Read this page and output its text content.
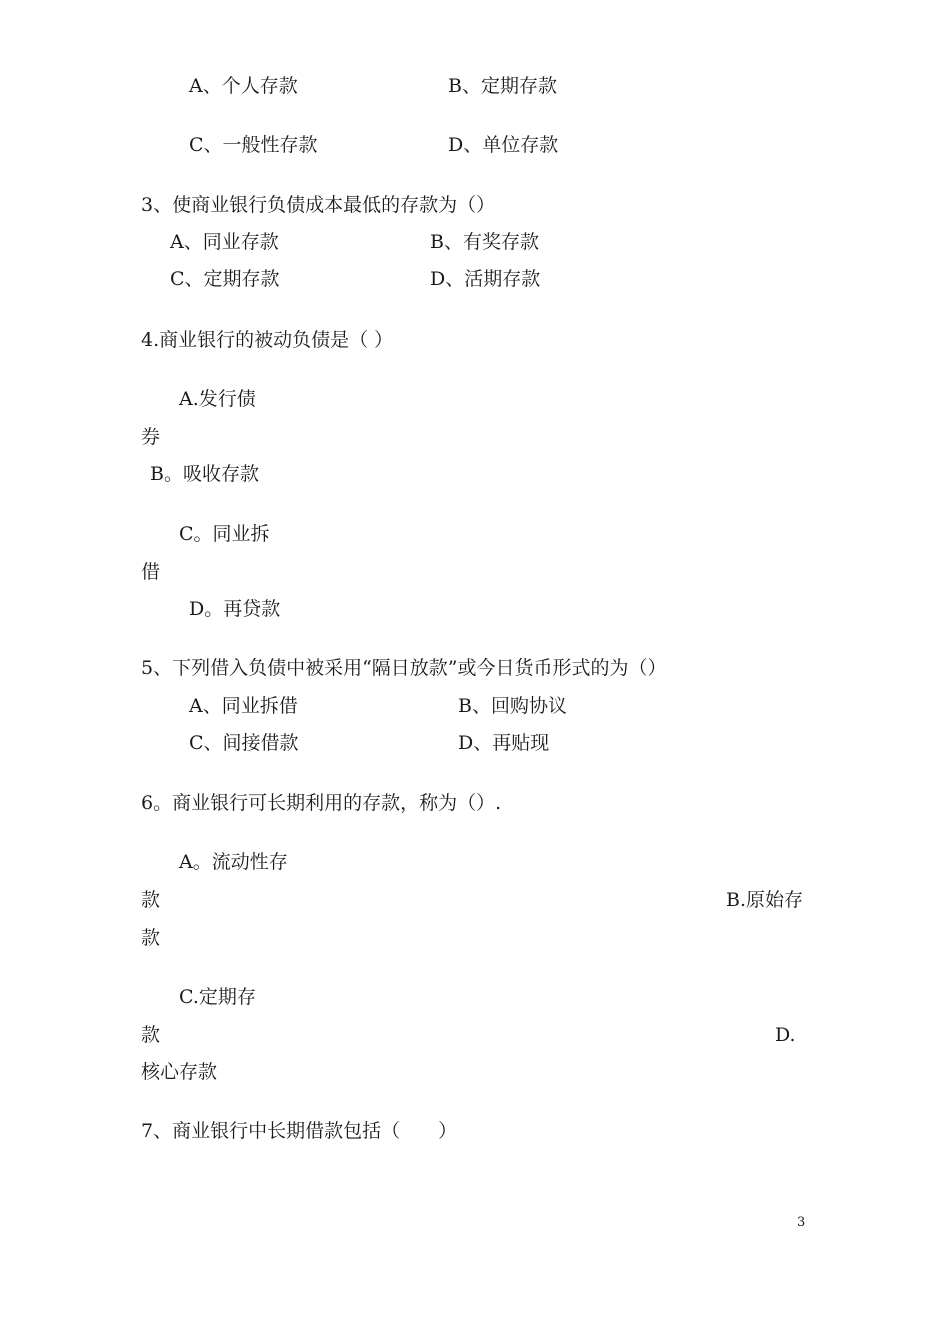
A、个人存款	B、定期存款
C、一般性存款	D、单位存款
3、使商业银行负债成本最低的存款为（）
A、同业存款	B、有奖存款
C、定期存款	D、活期存款
4.商业银行的被动负债是（ ）
A.发行债
券
B。吸收存款
C。同业拆
借
D。再贷款
5、下列借入负债中被采用“隔日放款”或今日货币形式的为（）
A、同业拆借	B、回购协议
C、间接借款	D、再贴现
6。商业银行可长期利用的存款，称为（）.
A。流动性存
款	B.原始存
款
C.定期存
款	D.
核心存款
7、商业银行中长期借款包括（　　）
3
